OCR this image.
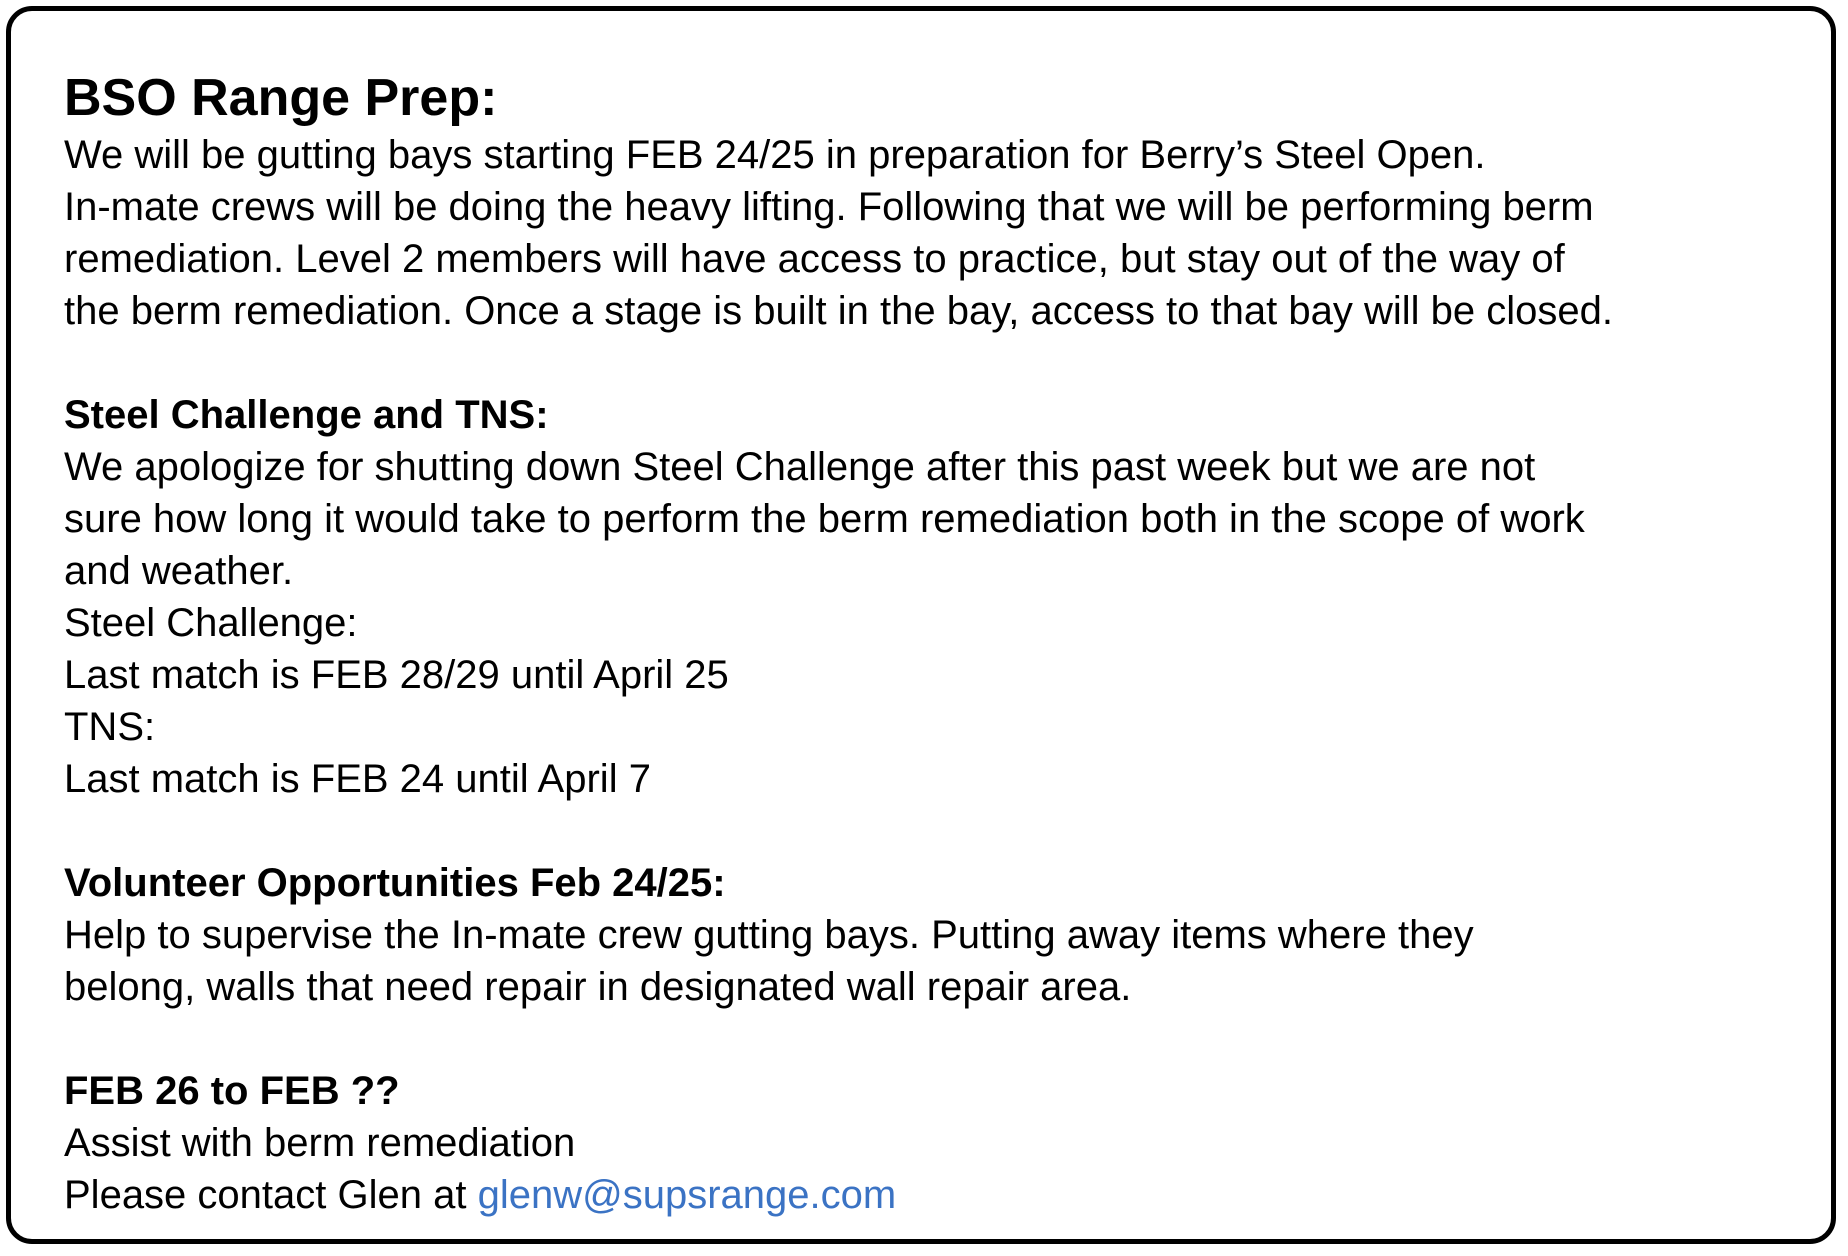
BSO Range Prep:

We will be gutting bays starting FEB 24/25 in preparation for Berry’s Steel Open.

In-mate crews will be doing the heavy lifting. Following that we will be performing berm

remediation. Level 2 members will have access to practice, but stay out of the way of

the berm remediation. Once a stage is built in the bay, access to that bay will be closed.

Steel Challenge and TNS:

We apologize for shutting down Steel Challenge after this past week but we are not

sure how long it would take to perform the berm remediation both in the scope of work

and weather.

Steel Challenge:

Last match is FEB 28/29 until April 25

TNS:

Last match is FEB 24 until April 7

Volunteer Opportunities Feb 24/25:

Help to supervise the In-mate crew gutting bays. Putting away items where they

belong, walls that need repair in designated wall repair area.

FEB 26 to FEB ??

Assist with berm remediation

Please contact Glen at glenw@supsrange.com
